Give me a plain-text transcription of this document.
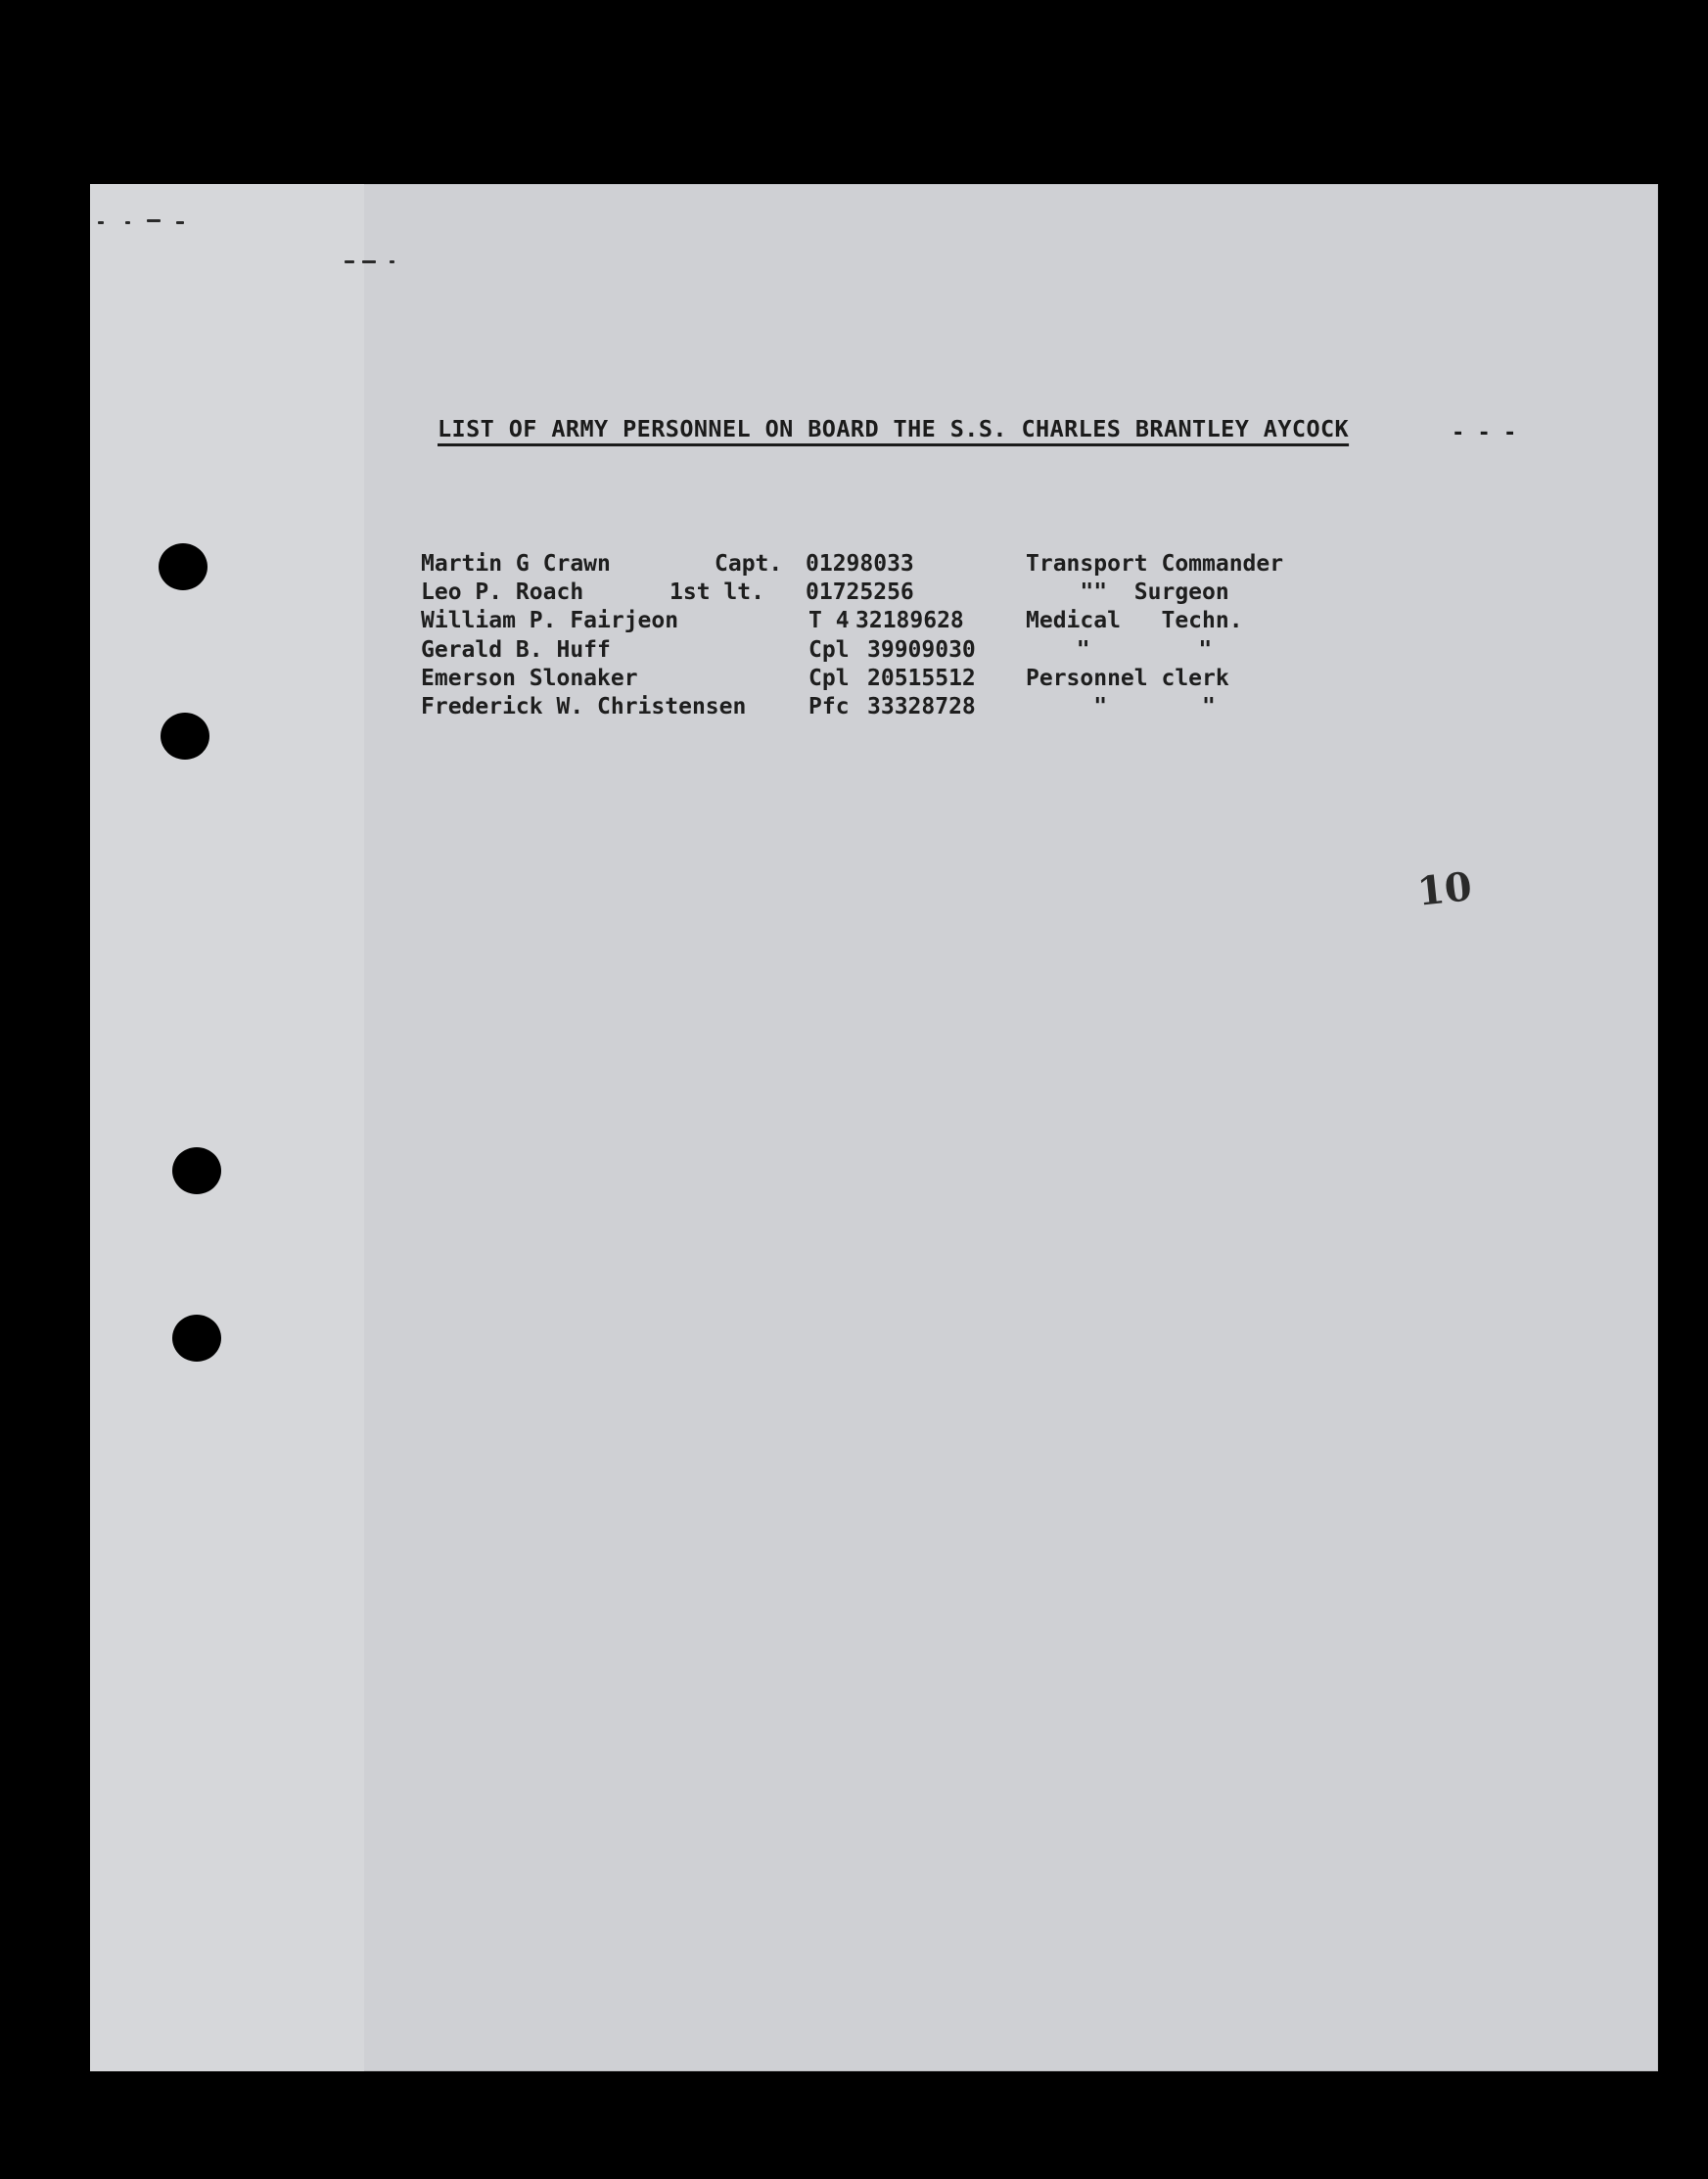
LIST OF ARMY PERSONNEL ON BOARD THE S.S. CHARLES BRANTLEY AYCOCK	- - -
Martin G Crawn	Capt. 01298033	Transport Commander
Leo P. Roach	1st lt. 01725256	""  Surgeon
William P. Fairjeon	T 4 32189628	Medical   Techn.
Gerald B. Huff	Cpl 39909030	"        "
Emerson Slonaker	Cpl 20515512 Personnel clerk
Frederick W. Christensen	Pfc 33328728 "       "
10
